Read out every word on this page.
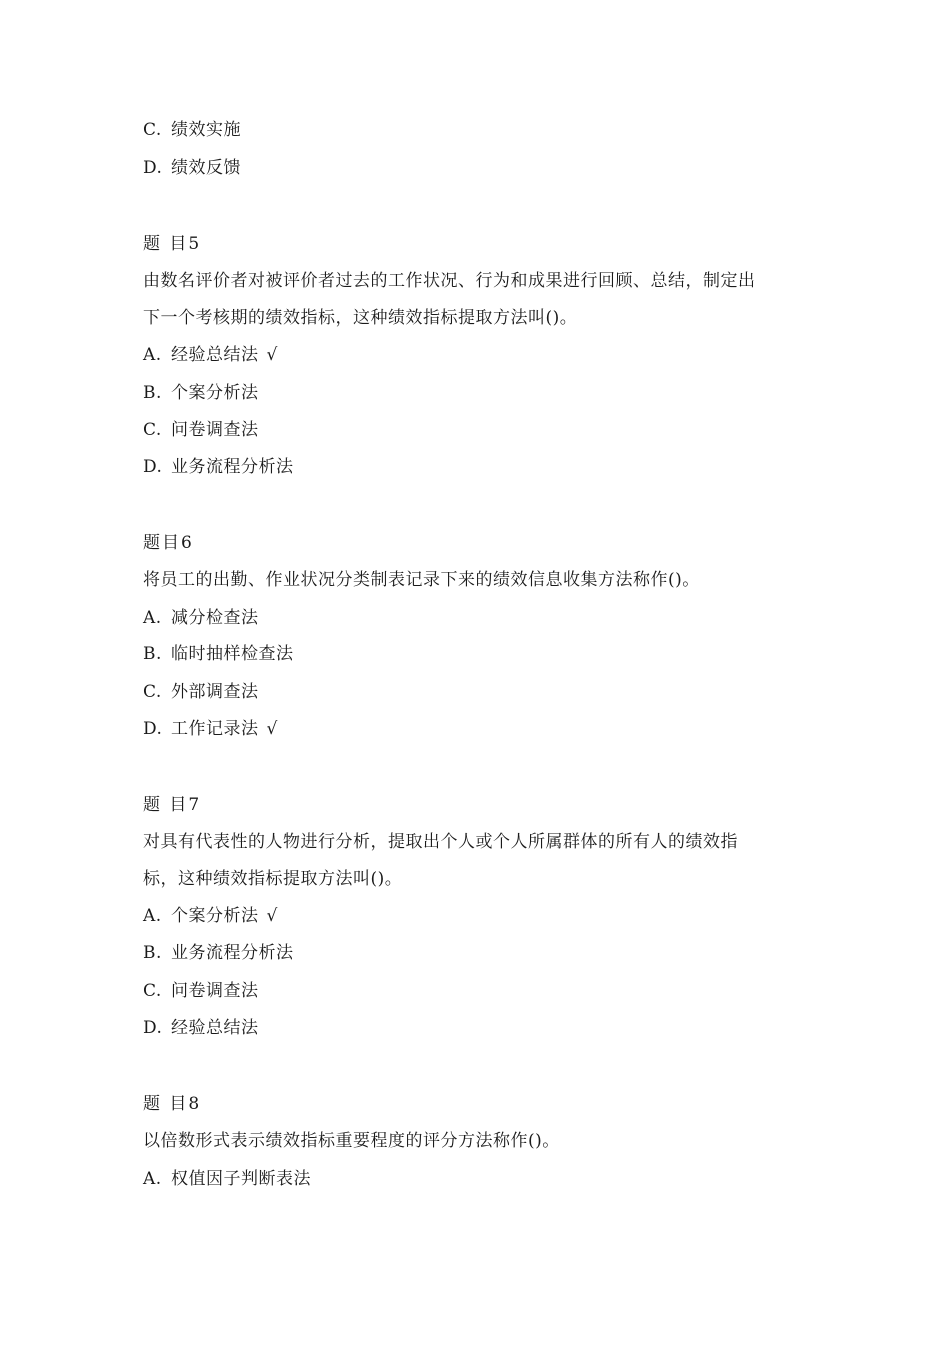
C. 绩效实施
D. 绩效反馈
题 目5
由数名评价者对被评价者过去的工作状况、行为和成果进行回顾、总结，制定出
下一个考核期的绩效指标，这种绩效指标提取方法叫()。
A. 经验总结法 √
B. 个案分析法
C. 问卷调查法
D. 业务流程分析法
题目6
将员工的出勤、作业状况分类制表记录下来的绩效信息收集方法称作()。
A. 减分检查法
B. 临时抽样检查法
C. 外部调查法
D. 工作记录法 √
题 目7
对具有代表性的人物进行分析，提取出个人或个人所属群体的所有人的绩效指
标，这种绩效指标提取方法叫()。
A. 个案分析法 √
B. 业务流程分析法
C. 问卷调查法
D. 经验总结法
题 目8
以倍数形式表示绩效指标重要程度的评分方法称作()。
A. 权值因子判断表法
